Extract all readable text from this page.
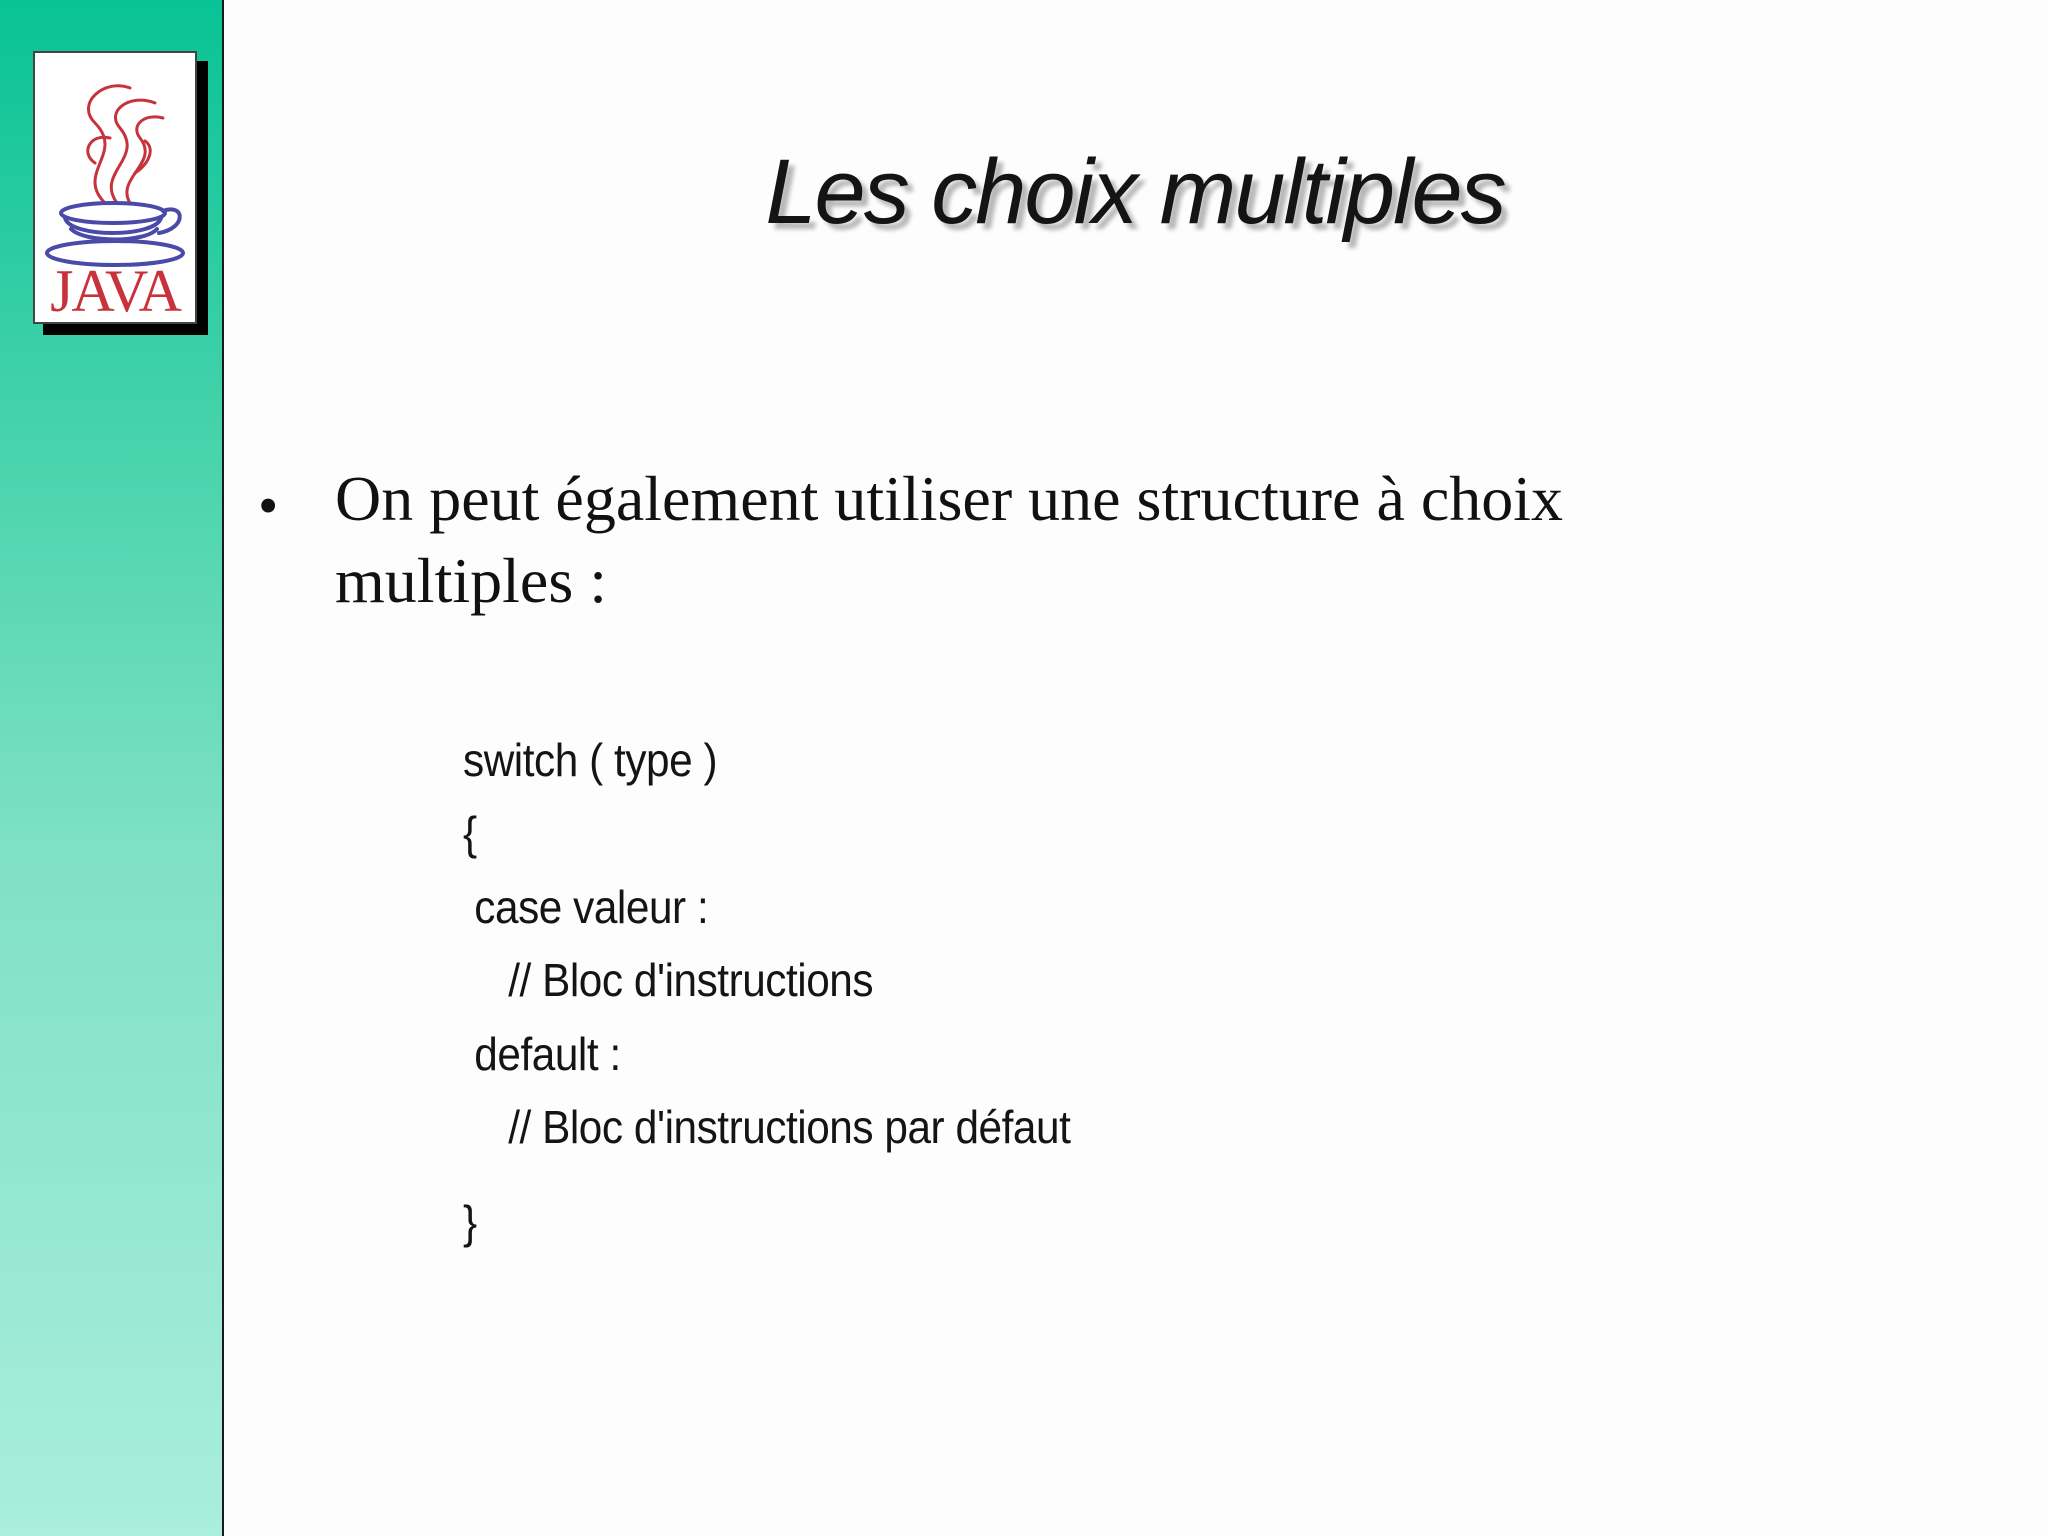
JAVA
Les choix multiples
• On peut également utiliser une structure à choix multiples :
switch ( type )
{
case valeur :
// Bloc d'instructions
default :
// Bloc d'instructions par défaut
}
